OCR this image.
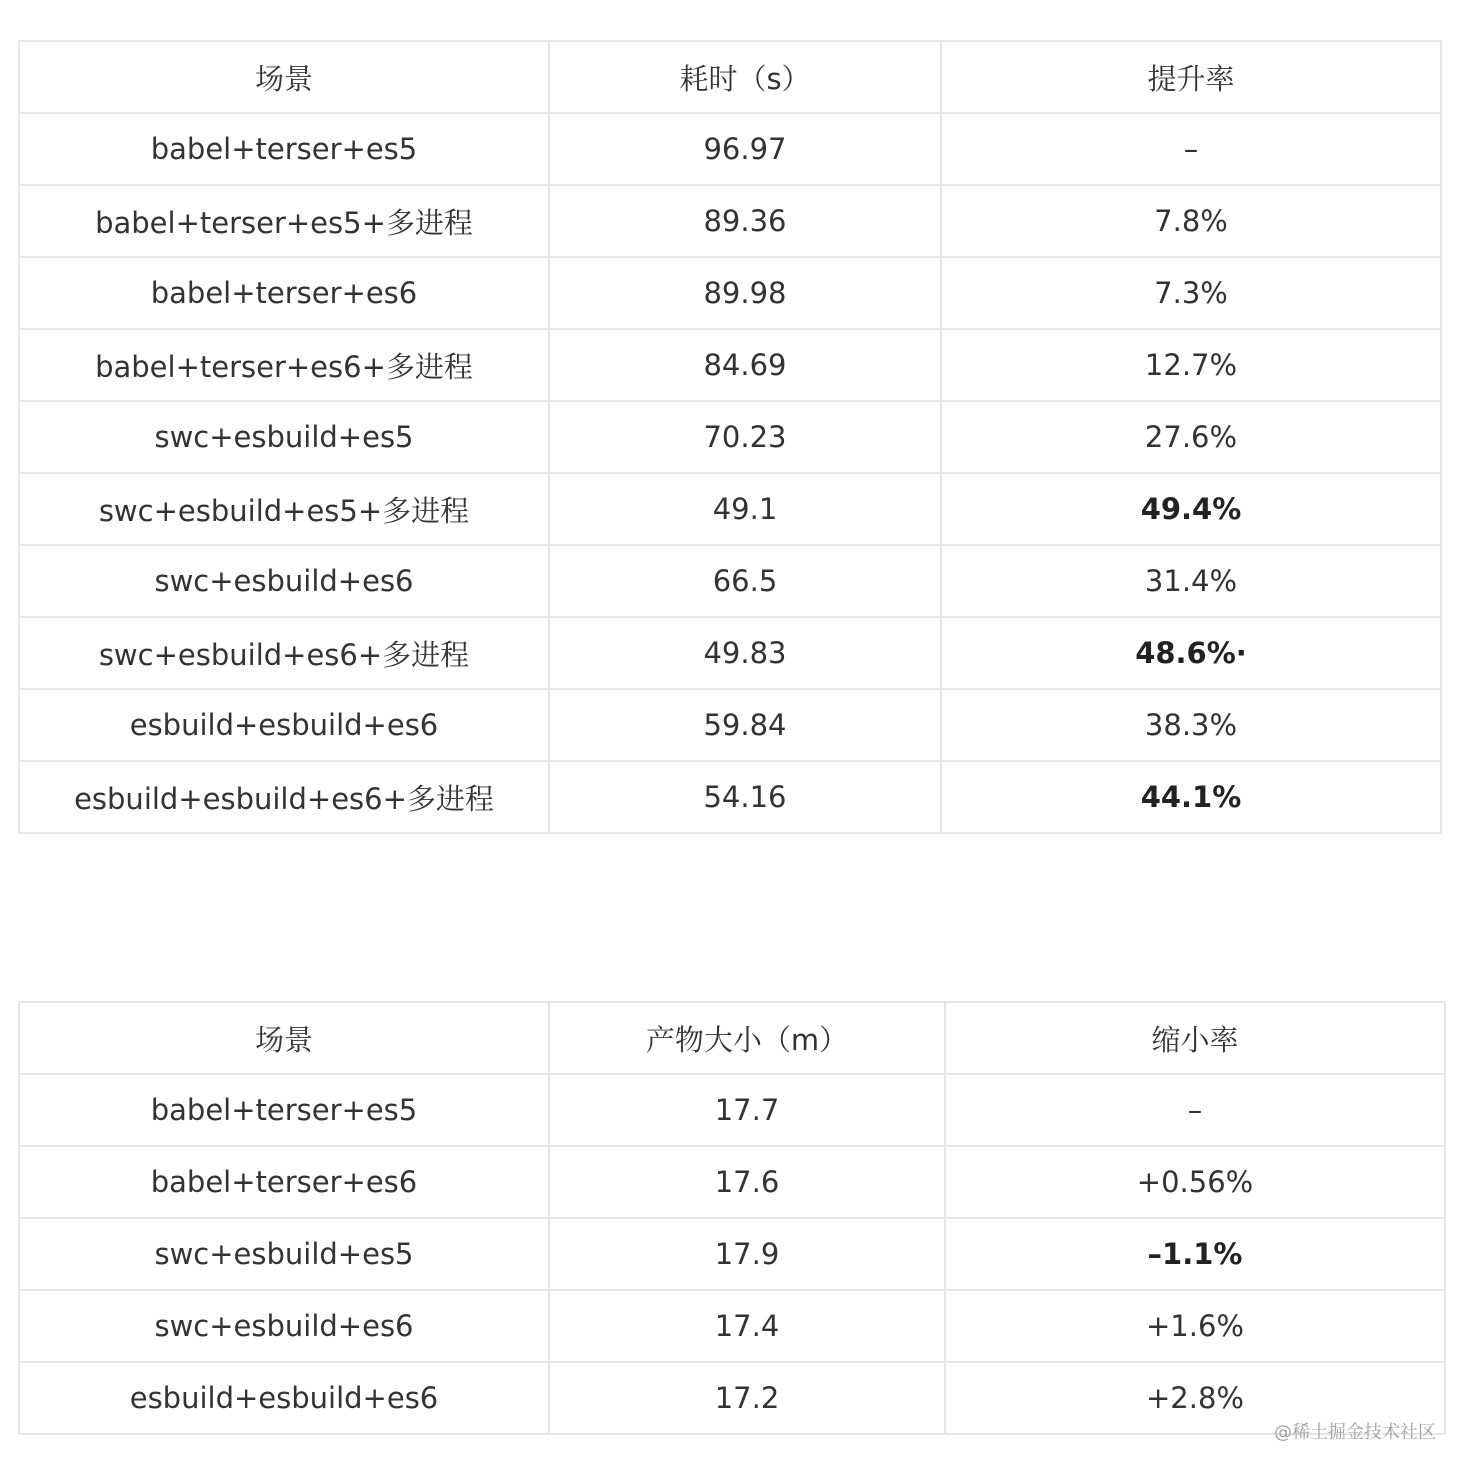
场景	耗时（s）	提升率
babel+terser+es5	96.97	–
babel+terser+es5+多进程	89.36	7.8%
babel+terser+es6	89.98	7.3%
babel+terser+es6+多进程	84.69	12.7%
swc+esbuild+es5	70.23	27.6%
swc+esbuild+es5+多进程	49.1	49.4%
swc+esbuild+es6	66.5	31.4%
swc+esbuild+es6+多进程	49.83	48.6%·
esbuild+esbuild+es6	59.84	38.3%
esbuild+esbuild+es6+多进程	54.16	44.1%
场景	产物大小（m）	缩小率
babel+terser+es5	17.7	–
babel+terser+es6	17.6	+0.56%
swc+esbuild+es5	17.9	–1.1%
swc+esbuild+es6	17.4	+1.6%
esbuild+esbuild+es6	17.2	+2.8%
@稀土掘金技术社区
